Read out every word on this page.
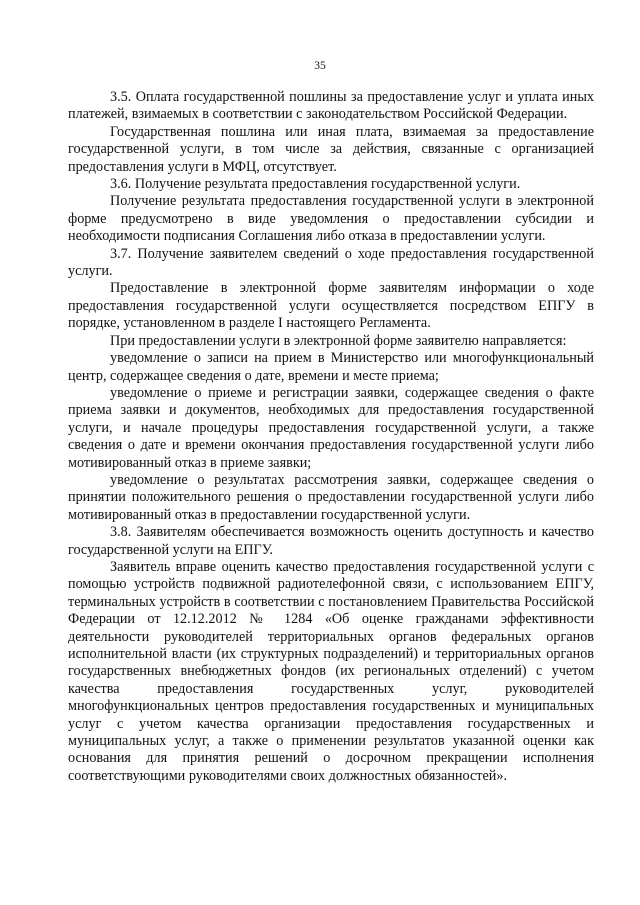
35

3.5. Оплата государственной пошлины за предоставление услуг и уплата иных платежей, взимаемых в соответствии с законодательством Российской Федерации.

Государственная пошлина или иная плата, взимаемая за предоставление государственной услуги, в том числе за действия, связанные с организацией предоставления услуги в МФЦ, отсутствует.

3.6. Получение результата предоставления государственной услуги.

Получение результата предоставления государственной услуги в электронной форме предусмотрено в виде уведомления о предоставлении субсидии и необходимости подписания Соглашения либо отказа в предоставлении услуги.

3.7. Получение заявителем сведений о ходе предоставления государственной услуги.

Предоставление в электронной форме заявителям информации о ходе предоставления государственной услуги осуществляется посредством ЕПГУ в порядке, установленном в разделе I настоящего Регламента.

При предоставлении услуги в электронной форме заявителю направляется:

уведомление о записи на прием в Министерство или многофункциональный центр, содержащее сведения о дате, времени и месте приема;

уведомление о приеме и регистрации заявки, содержащее сведения о факте приема заявки и документов, необходимых для предоставления государственной услуги, и начале процедуры предоставления государственной услуги, а также сведения о дате и времени окончания предоставления государственной услуги либо мотивированный отказ в приеме заявки;

уведомление о результатах рассмотрения заявки, содержащее сведения о принятии положительного решения о предоставлении государственной услуги либо мотивированный отказ в предоставлении государственной услуги.

3.8. Заявителям обеспечивается возможность оценить доступность и качество государственной услуги на ЕПГУ.

Заявитель вправе оценить качество предоставления государственной услуги с помощью устройств подвижной радиотелефонной связи, с использованием ЕПГУ, терминальных устройств в соответствии с постановлением Правительства Российской Федерации от 12.12.2012 № 1284 «Об оценке гражданами эффективности деятельности руководителей территориальных органов федеральных органов исполнительной власти (их структурных подразделений) и территориальных органов государственных внебюджетных фондов (их региональных отделений) с учетом качества предоставления государственных услуг, руководителей многофункциональных центров предоставления государственных и муниципальных услуг с учетом качества организации предоставления государственных и муниципальных услуг, а также о применении результатов указанной оценки как основания для принятия решений о досрочном прекращении исполнения соответствующими руководителями своих должностных обязанностей».
